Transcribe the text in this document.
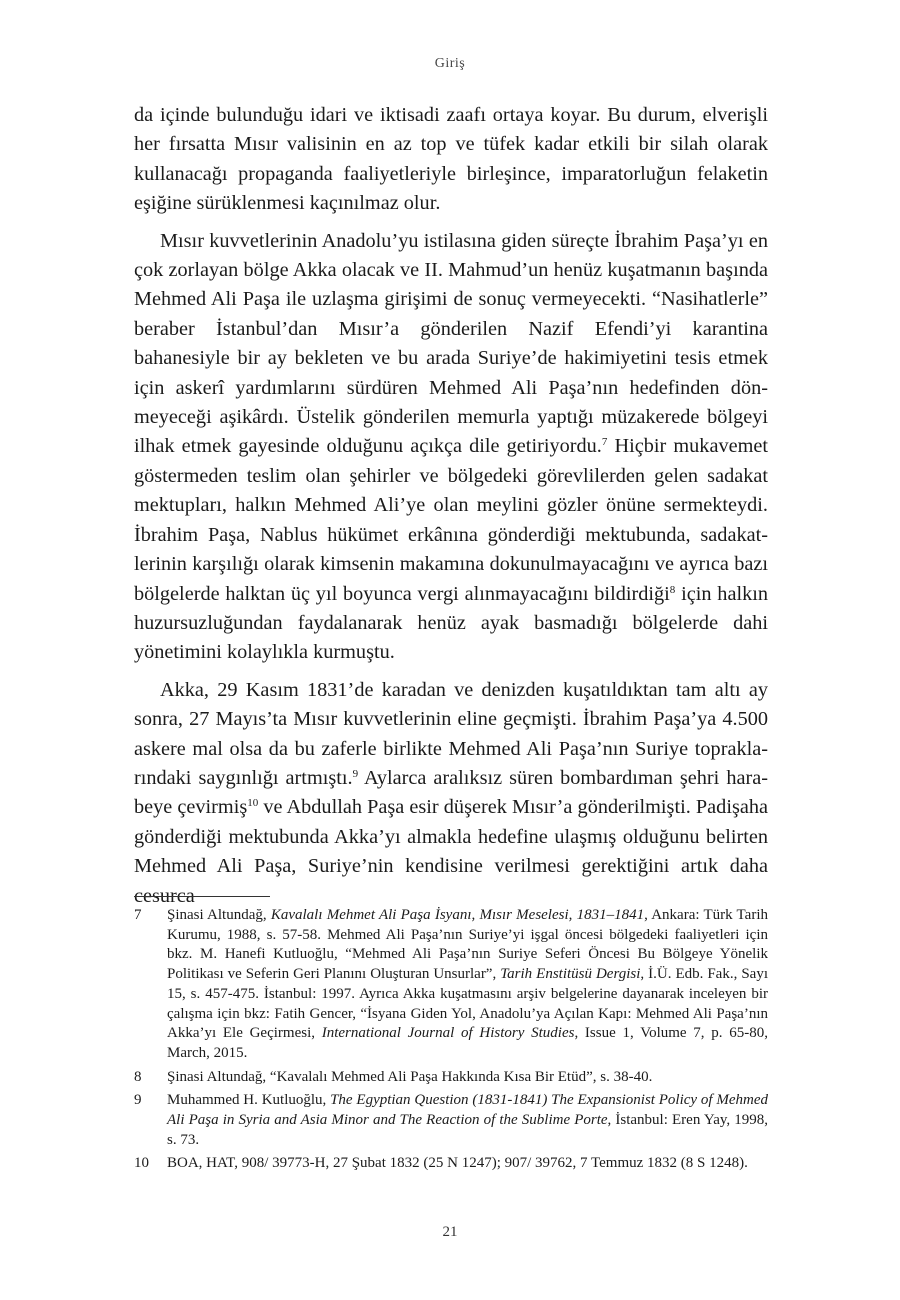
Giriş

da içinde bulunduğu idari ve iktisadi zaafı ortaya koyar. Bu durum, elverişli her fırsatta Mısır valisinin en az top ve tüfek kadar etkili bir silah olarak kullanacağı propaganda faaliyetleriyle birleşince, imparatorluğun felaketin eşiğine sürüklenmesi kaçınılmaz olur.

Mısır kuvvetlerinin Anadolu’yu istilasına giden süreçte İbrahim Paşa’yı en çok zorlayan bölge Akka olacak ve II. Mahmud’un henüz kuşatmanın başında Mehmed Ali Paşa ile uzlaşma girişimi de sonuç vermeyecekti. “Nasihatlerle” beraber İstanbul’dan Mısır’a gönderilen Nazif Efendi’yi karantina bahanesiyle bir ay bekleten ve bu arada Suriye’de hakimiyetini tesis etmek için askerî yardımlarını sürdüren Mehmed Ali Paşa’nın hedefinden dönmeyeceği aşikârdı. Üstelik gönderilen memurla yaptığı müzakerede bölgeyi ilhak etmek gayesinde olduğunu açıkça dile getiriyordu.$^7$ Hiçbir mukavemet göstermeden teslim olan şehirler ve bölgedeki görevlilerden gelen sadakat mektupları, halkın Mehmed Ali’ye olan meylini gözler önüne sermekteydi. İbrahim Paşa, Nablus hükümet erkânına gönderdiği mektubunda, sadakatlerinin karşılığı olarak kimsenin makamına dokunulmayacağını ve ayrıca bazı bölgelerde halktan üç yıl boyunca vergi alınmayacağını bildirdiği$^8$ için halkın huzursuzluğundan faydalanarak henüz ayak basmadığı bölgelerde dahi yönetimini kolaylıkla kurmuştu.

Akka, 29 Kasım 1831’de karadan ve denizden kuşatıldıktan tam altı ay sonra, 27 Mayıs’ta Mısır kuvvetlerinin eline geçmişti. İbrahim Paşa’ya 4.500 askere mal olsa da bu zaferle birlikte Mehmed Ali Paşa’nın Suriye topraklarındaki saygınlığı artmıştı.$^9$ Aylarca aralıksız süren bombardıman şehri harabeye çevirmiş$^{10}$ ve Abdullah Paşa esir düşerek Mısır’a gönderilmişti. Padişaha gönderdiği mektubunda Akka’yı almakla hedefine ulaşmış olduğunu belirten Mehmed Ali Paşa, Suriye’nin kendisine verilmesi gerektiğini artık daha cesurca

7	Şinasi Altundağ, Kavalalı Mehmet Ali Paşa İsyanı, Mısır Meselesi, 1831–1841, Ankara: Türk Tarih Kurumu, 1988, s. 57-58. Mehmed Ali Paşa’nın Suriye’yi işgal öncesi bölgedeki faaliyetleri için bkz. M. Hanefi Kutluoğlu, “Mehmed Ali Paşa’nın Suriye Seferi Öncesi Bu Bölgeye Yönelik Politikası ve Seferin Geri Planını Oluşturan Unsurlar”, Tarih Enstitüsü Dergisi, İ.Ü. Edb. Fak., Sayı 15, s. 457-475. İstanbul: 1997. Ayrıca Akka kuşatmasını arşiv belgelerine dayanarak inceleyen bir çalışma için bkz: Fatih Gencer, “İsyana Giden Yol, Anadolu’ya Açılan Kapı: Mehmed Ali Paşa’nın Akka’yı Ele Geçirmesi, International Journal of History Studies, Issue 1, Volume 7, p. 65-80, March, 2015.
8	Şinasi Altundağ, “Kavalalı Mehmed Ali Paşa Hakkında Kısa Bir Etüd”, s. 38-40.
9	Muhammed H. Kutluoğlu, The Egyptian Question (1831-1841) The Expansionist Policy of Mehmed Ali Paşa in Syria and Asia Minor and The Reaction of the Sublime Porte, İstanbul: Eren Yay, 1998, s. 73.
10	BOA, HAT, 908/ 39773-H, 27 Şubat 1832 (25 N 1247); 907/ 39762, 7 Temmuz 1832 (8 S 1248).
21
